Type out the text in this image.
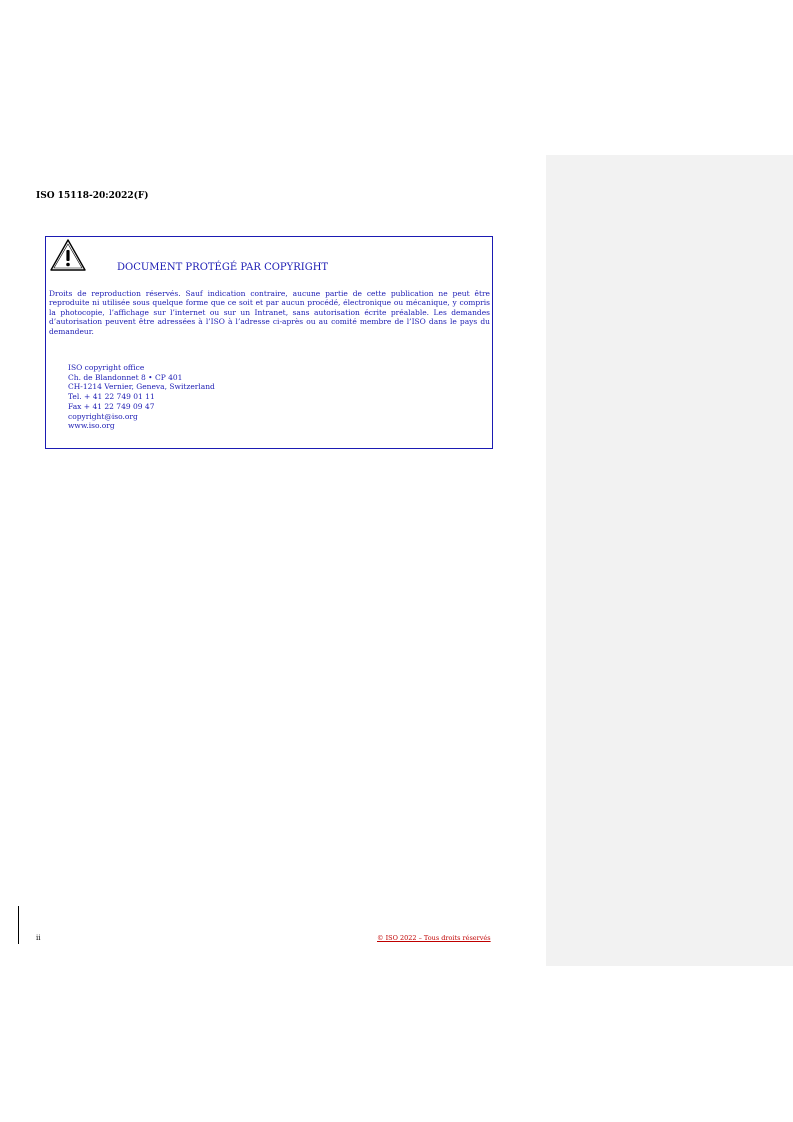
ISO 15118-20:2022(F)
DOCUMENT PROTÉGÉ PAR COPYRIGHT
Droits de reproduction réservés. Sauf indication contraire, aucune partie de cette publication ne peut être reproduite ni utilisée sous quelque forme que ce soit et par aucun procédé, électronique ou mécanique, y compris la photocopie, l’affichage sur l’internet ou sur un Intranet, sans autorisation écrite préalable. Les demandes d’autorisation peuvent être adressées à l’ISO à l’adresse ci-après ou au comité membre de l’ISO dans le pays du demandeur.
ISO copyright office
Ch. de Blandonnet 8 • CP 401
CH-1214 Vernier, Geneva, Switzerland
Tel. + 41 22 749 01 11
Fax + 41 22 749 09 47
copyright@iso.org
www.iso.org
ii	© ISO 2022 – Tous droits réservés
